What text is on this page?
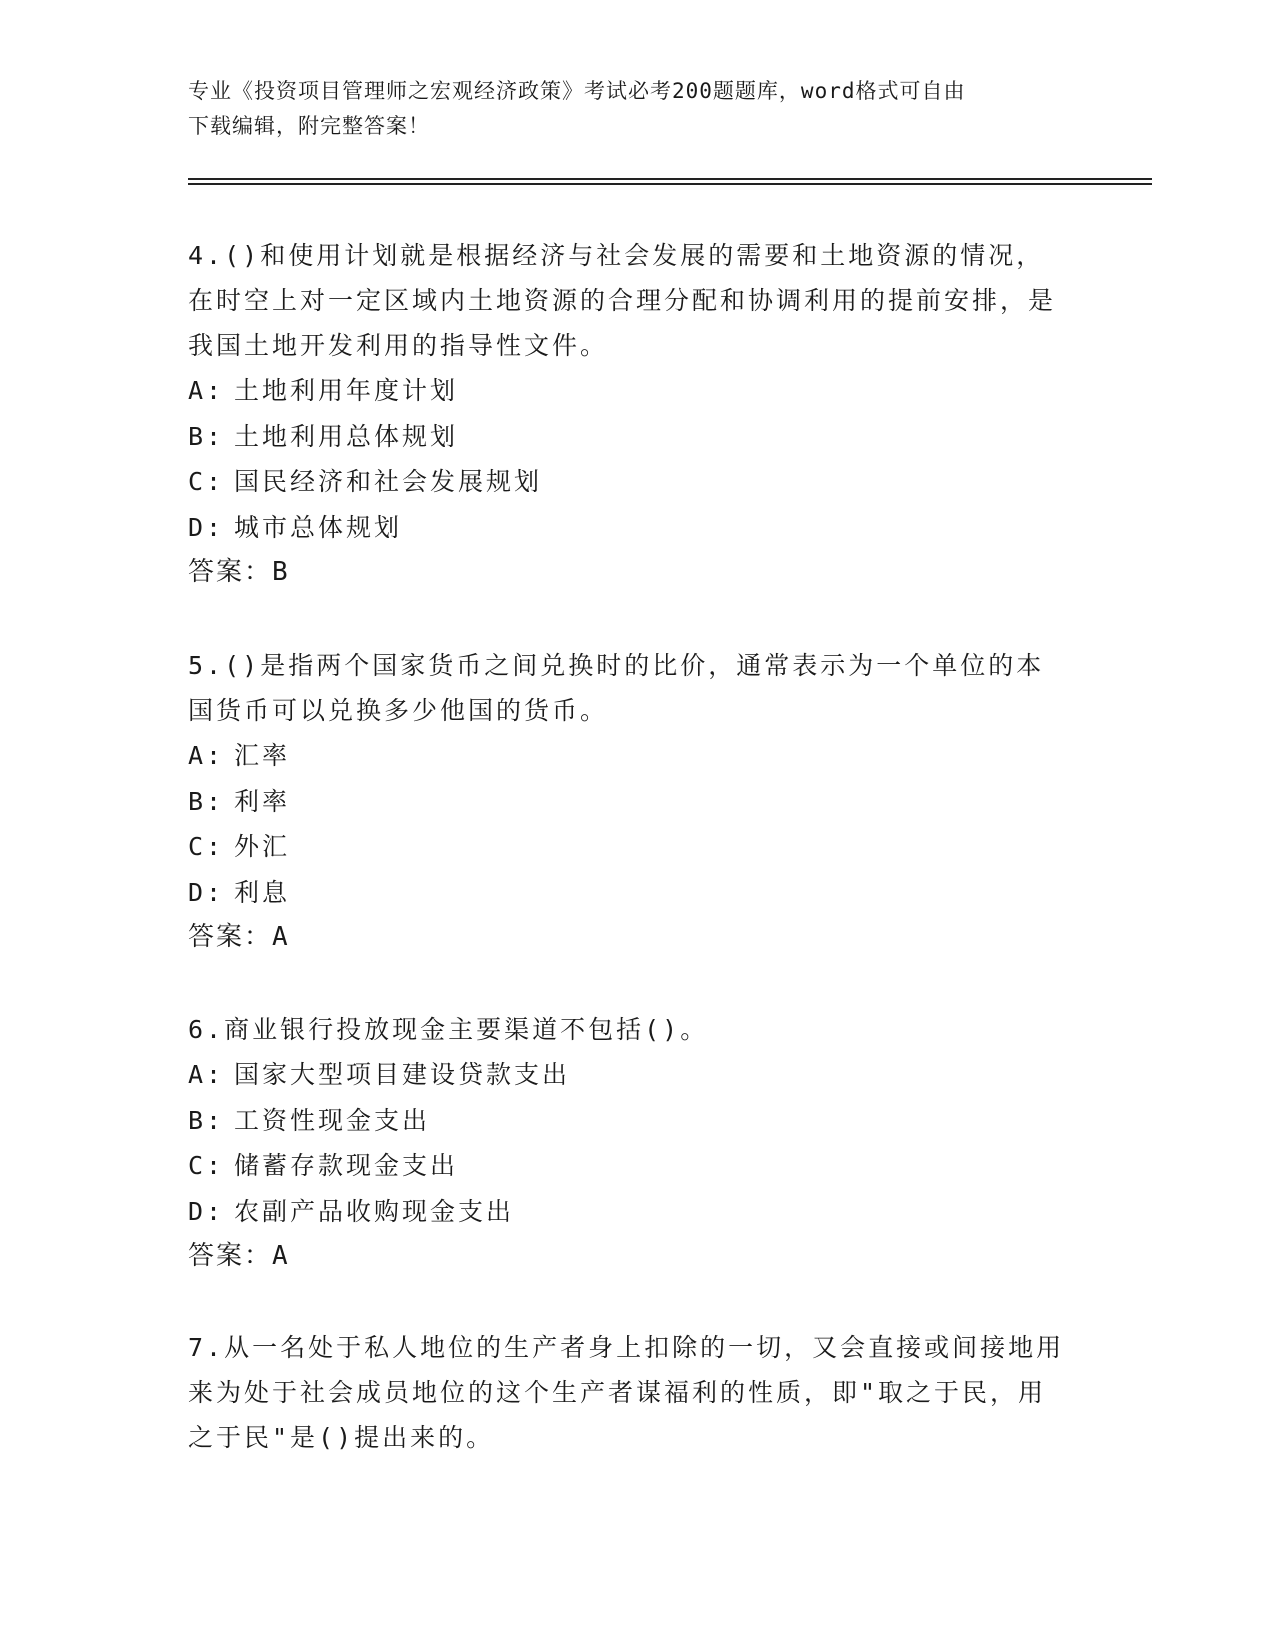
专业《投资项目管理师之宏观经济政策》考试必考200题题库，word格式可自由
下载编辑，附完整答案！
4.()和使用计划就是根据经济与社会发展的需要和土地资源的情况，在时空上对一定区域内土地资源的合理分配和协调利用的提前安排，是我国土地开发利用的指导性文件。
A: 土地利用年度计划
B: 土地利用总体规划
C: 国民经济和社会发展规划
D: 城市总体规划
答案：B
5.()是指两个国家货币之间兑换时的比价，通常表示为一个单位的本国货币可以兑换多少他国的货币。
A: 汇率
B: 利率
C: 外汇
D: 利息
答案：A
6.商业银行投放现金主要渠道不包括()。
A: 国家大型项目建设贷款支出
B: 工资性现金支出
C: 储蓄存款现金支出
D: 农副产品收购现金支出
答案：A
7.从一名处于私人地位的生产者身上扣除的一切，又会直接或间接地用来为处于社会成员地位的这个生产者谋福利的性质，即"取之于民，用之于民"是()提出来的。
